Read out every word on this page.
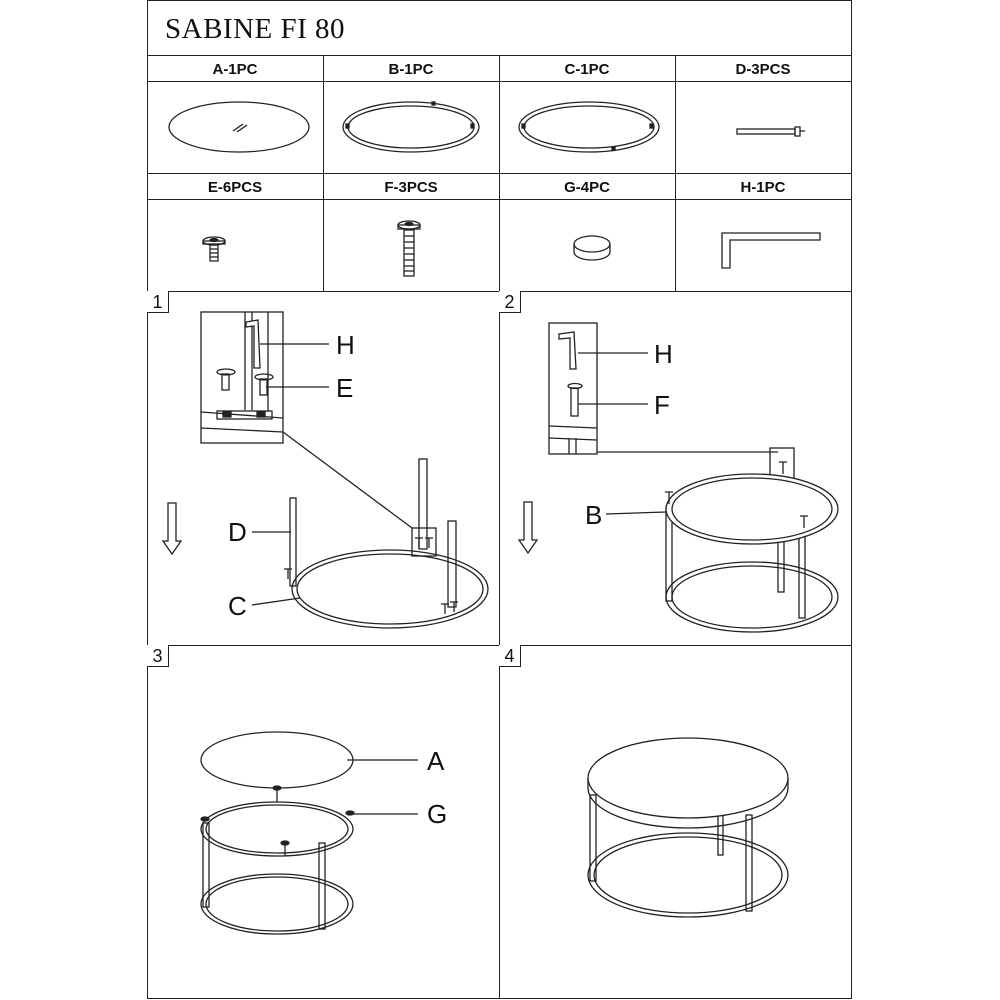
SABINE FI 80
A-1PC	B-1PC	C-1PC	D-3PCS
E-6PCS	F-3PCS	G-4PC	H-1PC
1	2
3	4
H
E
D
C
H
F
B
A
G
